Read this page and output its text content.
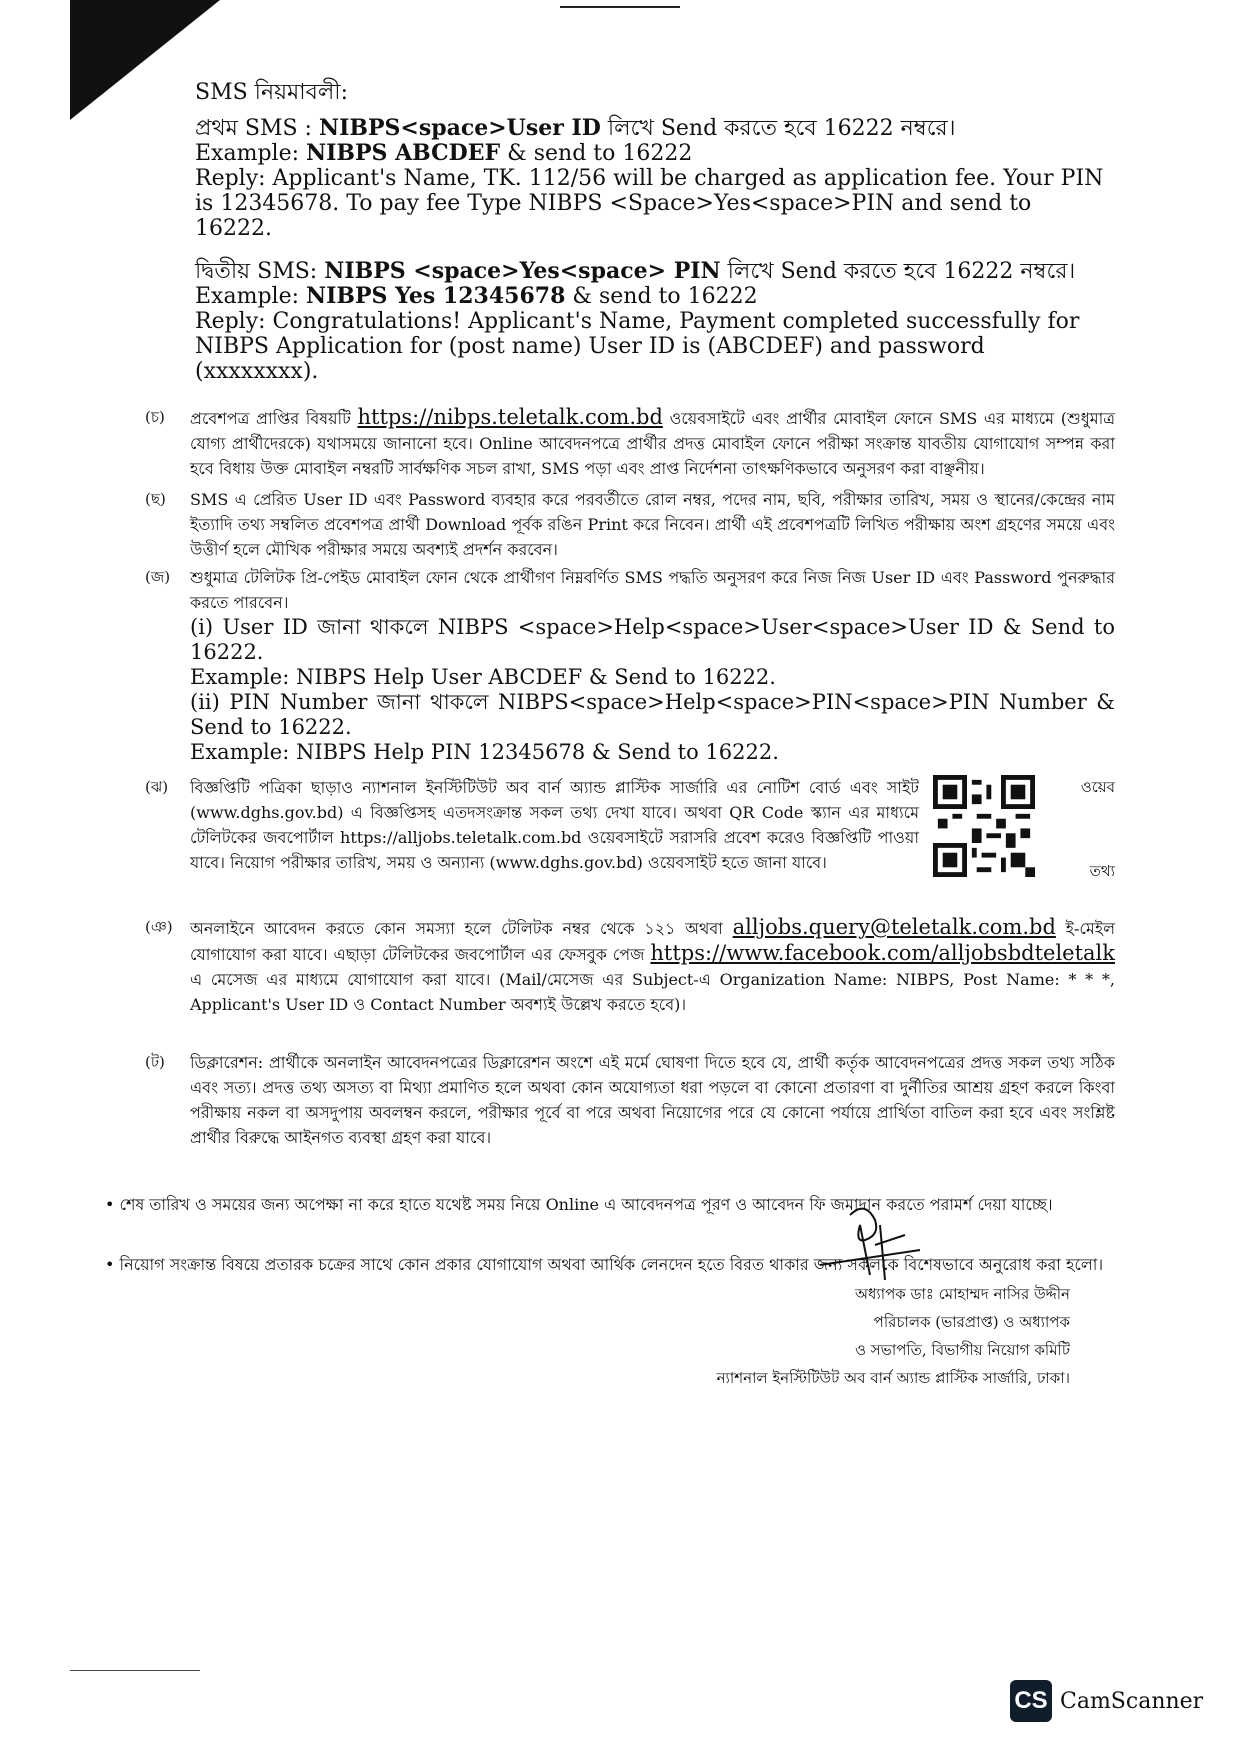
SMS নিয়মাবলী:

প্রথম SMS : NIBPS<space>User ID লিখে Send করতে হবে 16222 নম্বরে।

Example: NIBPS ABCDEF & send to 16222

Reply: Applicant's Name, TK. 112/56 will be charged as application fee. Your PIN is 12345678. To pay fee Type NIBPS <Space>Yes<space>PIN and send to 16222.

দ্বিতীয় SMS: NIBPS <space>Yes<space> PIN লিখে Send করতে হবে 16222 নম্বরে।

Example: NIBPS Yes 12345678 & send to 16222

Reply: Congratulations! Applicant's Name, Payment completed successfully for NIBPS Application for (post name) User ID is (ABCDEF) and password (xxxxxxxx).

(চ) প্রবেশপত্র প্রাপ্তির বিষয়টি https://nibps.teletalk.com.bd ওয়েবসাইটে এবং প্রার্থীর মোবাইল ফোনে SMS এর মাধ্যমে (শুধুমাত্র যোগ্য প্রার্থীদেরকে) যথাসময়ে জানানো হবে। Online আবেদনপত্রে প্রার্থীর প্রদত্ত মোবাইল ফোনে পরীক্ষা সংক্রান্ত যাবতীয় যোগাযোগ সম্পন্ন করা হবে বিধায় উক্ত মোবাইল নম্বরটি সার্বক্ষণিক সচল রাখা, SMS পড়া এবং প্রাপ্ত নির্দেশনা তাৎক্ষণিকভাবে অনুসরণ করা বাঞ্ছনীয়।
(ছ) SMS এ প্রেরিত User ID এবং Password ব্যবহার করে পরবর্তীতে রোল নম্বর, পদের নাম, ছবি, পরীক্ষার তারিখ, সময় ও স্থানের/কেন্দ্রের নাম ইত্যাদি তথ্য সম্বলিত প্রবেশপত্র প্রার্থী Download পূর্বক রঙিন Print করে নিবেন। প্রার্থী এই প্রবেশপত্রটি লিখিত পরীক্ষায় অংশ গ্রহণের সময়ে এবং উত্তীর্ণ হলে মৌখিক পরীক্ষার সময়ে অবশ্যই প্রদর্শন করবেন।
(জ) শুধুমাত্র টেলিটক প্রি-পেইড মোবাইল ফোন থেকে প্রার্থীগণ নিম্নবর্ণিত SMS পদ্ধতি অনুসরণ করে নিজ নিজ User ID এবং Password পুনরুদ্ধার করতে পারবেন।
(i) User ID জানা থাকলে NIBPS <space>Help<space>User<space>User ID & Send to 16222.
Example: NIBPS Help User ABCDEF & Send to 16222.
(ii) PIN Number জানা থাকলে NIBPS<space>Help<space>PIN<space>PIN Number & Send to 16222.
Example: NIBPS Help PIN 12345678 & Send to 16222.
(ঝ)	ওয়েব
তথ্য
বিজ্ঞপ্তিটি পত্রিকা ছাড়াও ন্যাশনাল ইনস্টিটিউট অব বার্ন অ্যান্ড প্লাস্টিক সার্জারি এর নোটিশ বোর্ড এবং সাইট (www.dghs.gov.bd) এ বিজ্ঞপ্তিসহ এতদসংক্রান্ত সকল তথ্য দেখা যাবে। অথবা QR Code স্ক্যান এর মাধ্যমে টেলিটকের জবপোর্টাল https://alljobs.teletalk.com.bd ওয়েবসাইটে সরাসরি প্রবেশ করেও বিজ্ঞপ্তিটি পাওয়া যাবে। নিয়োগ পরীক্ষার তারিখ, সময় ও অন্যান্য (www.dghs.gov.bd) ওয়েবসাইট হতে জানা যাবে।
(ঞ) অনলাইনে আবেদন করতে কোন সমস্যা হলে টেলিটক নম্বর থেকে ১২১ অথবা alljobs.query@teletalk.com.bd ই-মেইল যোগাযোগ করা যাবে। এছাড়া টেলিটকের জবপোর্টাল এর ফেসবুক পেজ https://www.facebook.com/alljobsbdteletalk এ মেসেজ এর মাধ্যমে যোগাযোগ করা যাবে। (Mail/মেসেজ এর Subject-এ Organization Name: NIBPS, Post Name: * * *, Applicant's User ID ও Contact Number অবশ্যই উল্লেখ করতে হবে)।
(ট) ডিক্লারেশন: প্রার্থীকে অনলাইন আবেদনপত্রের ডিক্লারেশন অংশে এই মর্মে ঘোষণা দিতে হবে যে, প্রার্থী কর্তৃক আবেদনপত্রের প্রদত্ত সকল তথ্য সঠিক এবং সত্য। প্রদত্ত তথ্য অসত্য বা মিথ্যা প্রমাণিত হলে অথবা কোন অযোগ্যতা ধরা পড়লে বা কোনো প্রতারণা বা দুর্নীতির আশ্রয় গ্রহণ করলে কিংবা পরীক্ষায় নকল বা অসদুপায় অবলম্বন করলে, পরীক্ষার পূর্বে বা পরে অথবা নিয়োগের পরে যে কোনো পর্যায়ে প্রার্থিতা বাতিল করা হবে এবং সংশ্লিষ্ট প্রার্থীর বিরুদ্ধে আইনগত ব্যবস্থা গ্রহণ করা যাবে।
• শেষ তারিখ ও সময়ের জন্য অপেক্ষা না করে হাতে যথেষ্ট সময় নিয়ে Online এ আবেদনপত্র পূরণ ও আবেদন ফি জমাদান করতে পরামর্শ দেয়া যাচ্ছে।
• নিয়োগ সংক্রান্ত বিষয়ে প্রতারক চক্রের সাথে কোন প্রকার যোগাযোগ অথবা আর্থিক লেনদেন হতে বিরত থাকার জন্য সকলকে বিশেষভাবে অনুরোধ করা হলো।
অধ্যাপক ডাঃ মোহাম্মদ নাসির উদ্দীন
পরিচালক (ভারপ্রাপ্ত) ও অধ্যাপক
ও সভাপতি, বিভাগীয় নিয়োগ কমিটি
ন্যাশনাল ইনস্টিটিউট অব বার্ন অ্যান্ড প্লাস্টিক সার্জারি, ঢাকা।
CS CamScanner
